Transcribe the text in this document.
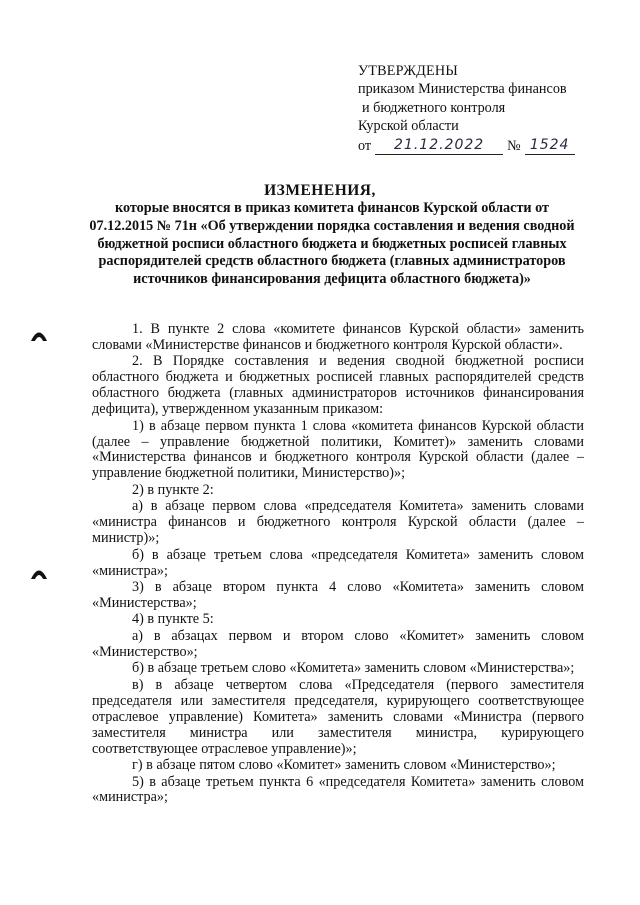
УТВЕРЖДЕНЫ
приказом Министерства финансов
и бюджетного контроля
Курской области
от	21.12.2022	№ 1524
ИЗМЕНЕНИЯ,
которые вносятся в приказ комитета финансов Курской области от 07.12.2015 № 71н «Об утверждении порядка составления и ведения сводной бюджетной росписи областного бюджета и бюджетных росписей главных распорядителей средств областного бюджета (главных администраторов источников финансирования дефицита областного бюджета)»

1. В пункте 2 слова «комитете финансов Курской области» заменить словами «Министерстве финансов и бюджетного контроля Курской области».

2. В Порядке составления и ведения сводной бюджетной росписи областного бюджета и бюджетных росписей главных распорядителей средств областного бюджета (главных администраторов источников финансирования дефицита), утвержденном указанным приказом:

1) в абзаце первом пункта 1 слова «комитета финансов Курской области (далее – управление бюджетной политики, Комитет)» заменить словами «Министерства финансов и бюджетного контроля Курской области (далее – управление бюджетной политики, Министерство)»;

2) в пункте 2:

а) в абзаце первом слова «председателя Комитета» заменить словами «министра финансов и бюджетного контроля Курской области (далее – министр)»;

б) в абзаце третьем слова «председателя Комитета» заменить словом «министра»;

3) в абзаце втором пункта 4 слово «Комитета» заменить словом «Министерства»;

4) в пункте 5:

а) в абзацах первом и втором слово «Комитет» заменить словом «Министерство»;

б) в абзаце третьем слово «Комитета» заменить словом «Министерства»;

в) в абзаце четвертом слова «Председателя (первого заместителя председателя или заместителя председателя, курирующего соответствующее отраслевое управление) Комитета» заменить словами «Министра (первого заместителя министра или заместителя министра, курирующего соответствующее отраслевое управление)»;

г) в абзаце пятом слово «Комитет» заменить словом «Министерство»;

5) в абзаце третьем пункта 6 «председателя Комитета» заменить словом «министра»;
